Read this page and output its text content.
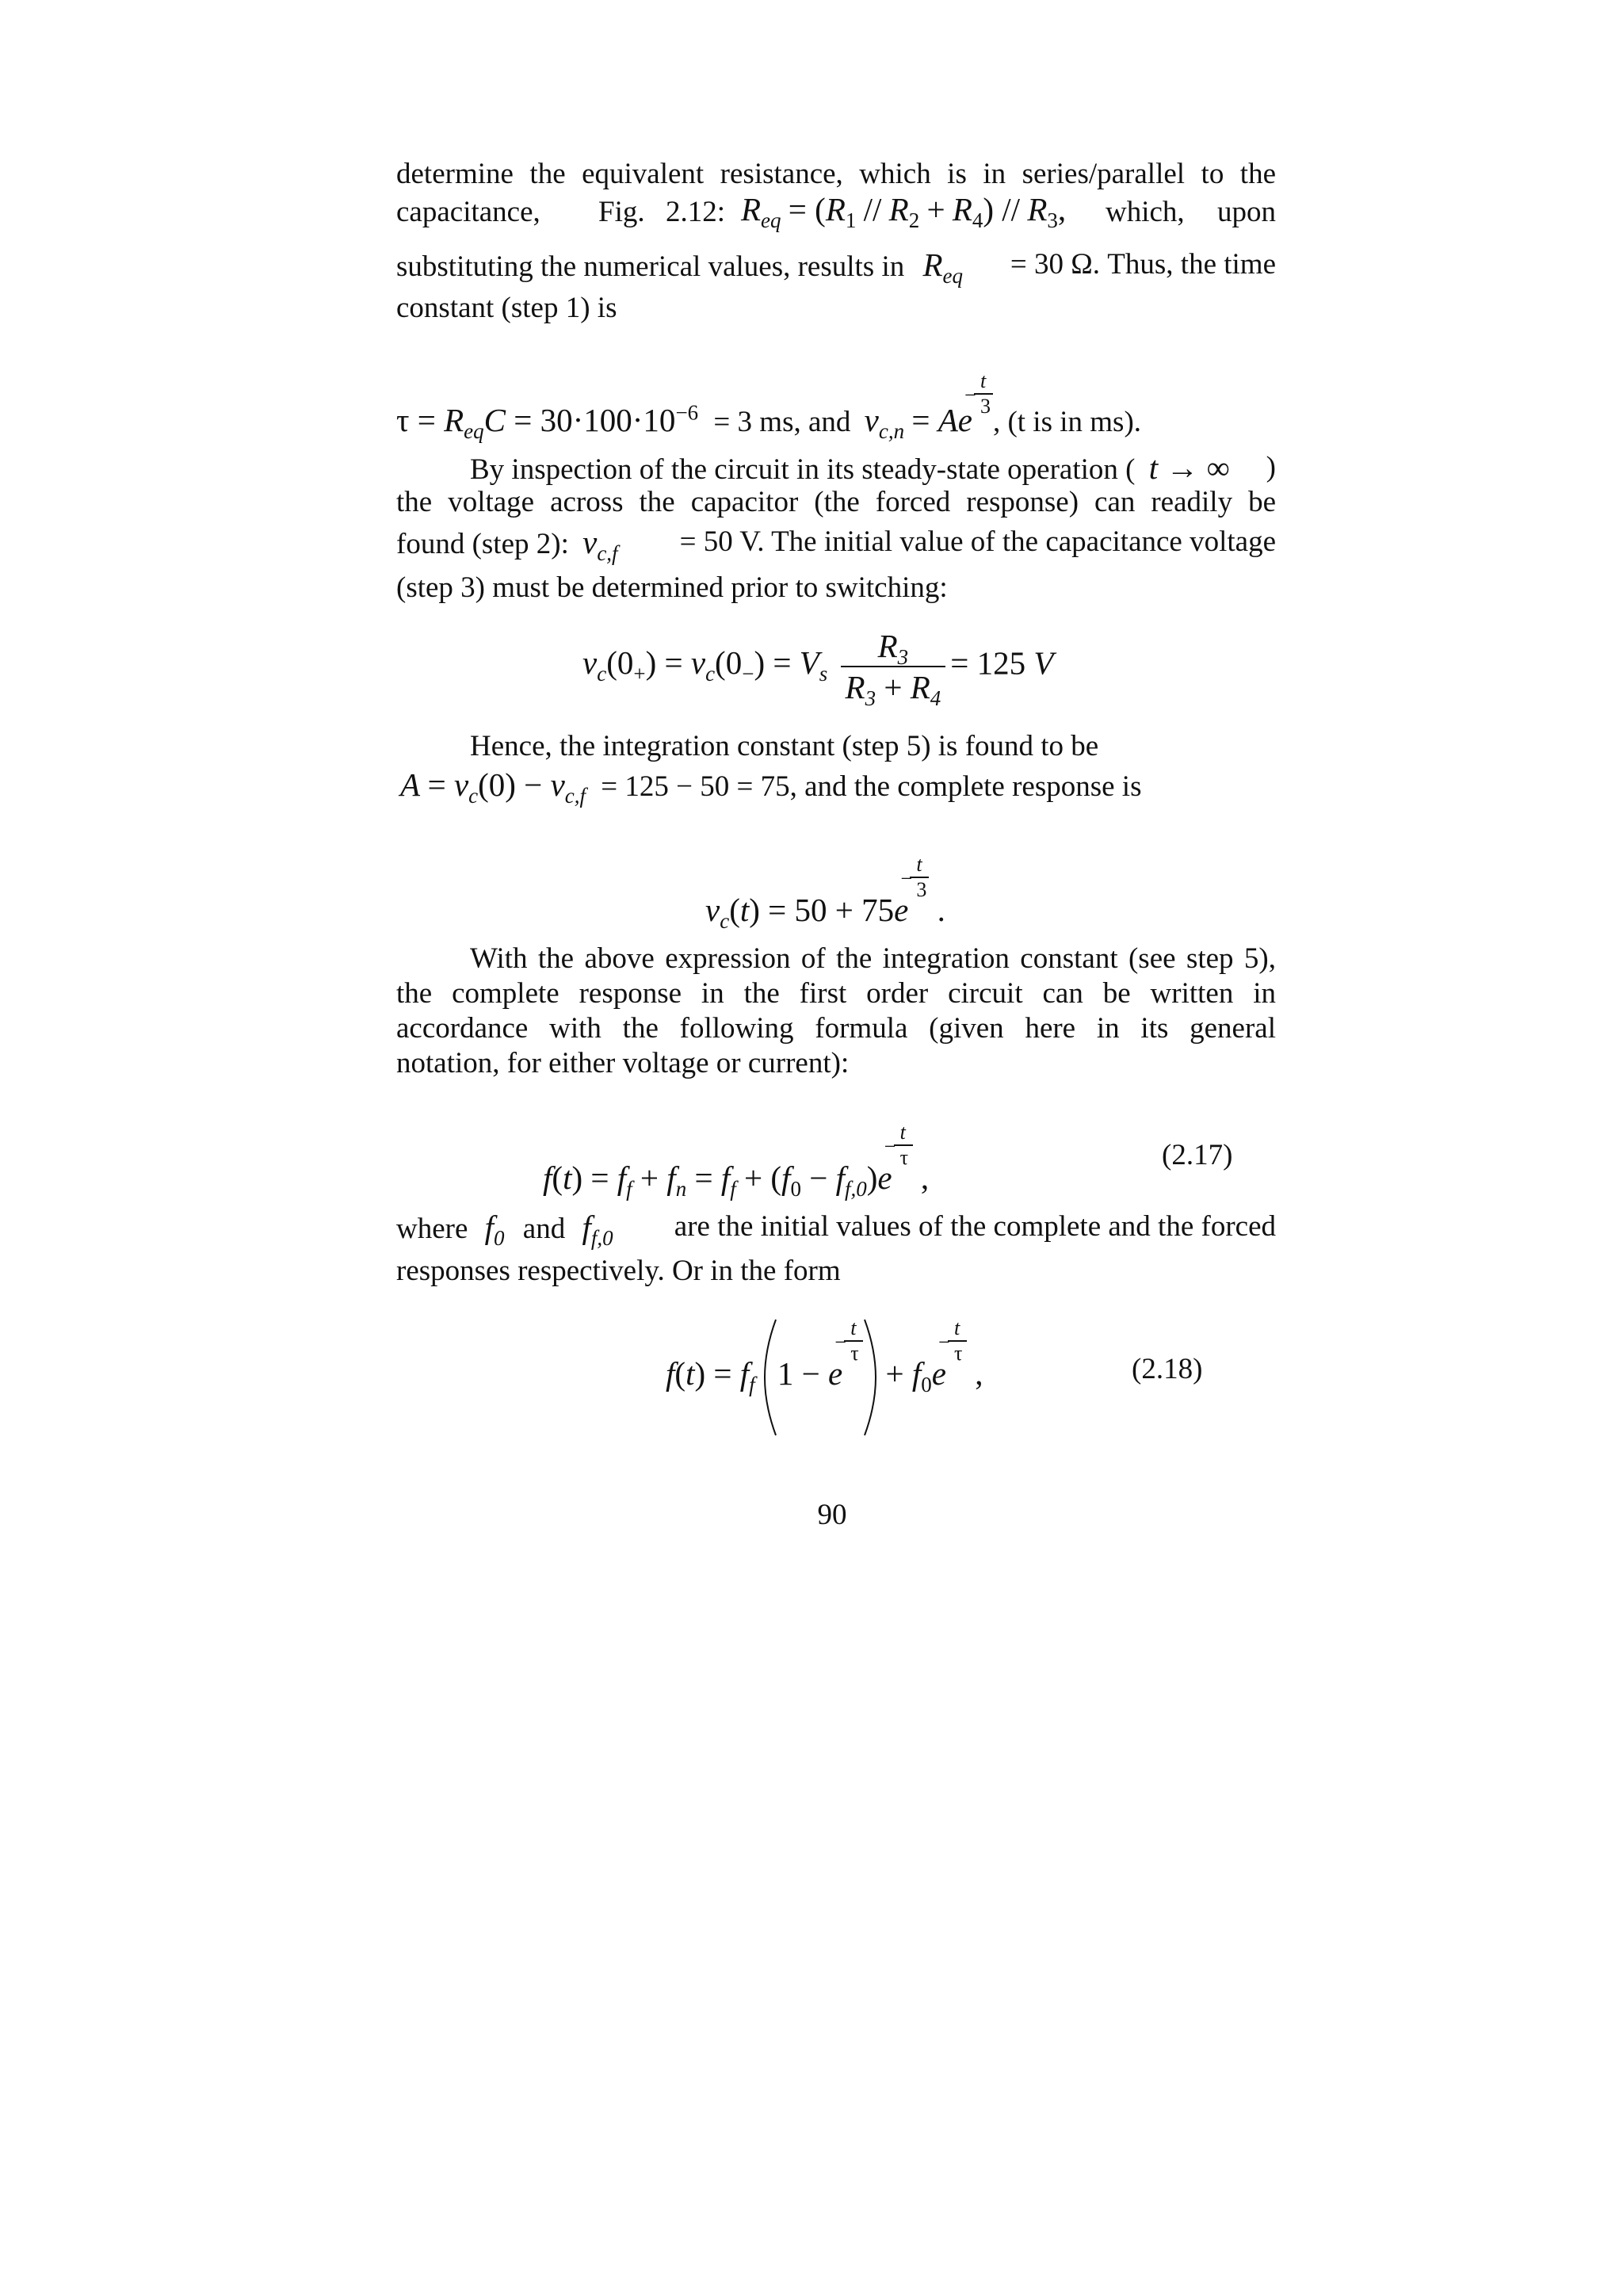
determine the equivalent resistance, which is in series/parallel to the
capacitance, Fig. 2.12: $R_{eq} = (R_1 // R_2 + R_4) // R_3$, which, upon
substituting the numerical values, results in $R_{eq} = 30$ Ω. Thus, the time
constant (step 1) is
$\tau = R_{eq}C = 30\cdot 100\cdot 10^{-6} = 3$ ms, and $v_{c,n} = Ae$
−
t
3 , (t is in ms).
By inspection of the circuit in its steady-state operation ( t → ∞ )
the voltage across the capacitor (the forced response) can readily be
found (step 2): $v_{c,f} = 50$ V. The initial value of the capacitance voltage
(step 3) must be determined prior to switching:
$v_c(0_+) = v_c(0_-) = V_s \frac{R_3}{R_3 + R_4} = 125$ V
Hence, the integration constant (step 5) is found to be
$A = v_c(0) - v_{c,f} = 125 - 50 = 75$, and the complete response is
$v_c(t) = 50 + 75e$
−
t
3
.
With the above expression of the integration constant (see step 5),
the complete response in the first order circuit can be written in
accordance with the following formula (given here in its general
notation, for either voltage or current):
$f(t) = f_f + f_n = f_f + (f_0 - f_{f,0})e$
−
t
τ
,
(2.17)
where $f_0$ and $f_{f,0}$ are the initial values of the complete and the forced
responses respectively. Or in the form
$f(t) = f_f$ 1 − e
−
t
τ
+ $f_0e$
−
t
τ
,	(2.18)
90
